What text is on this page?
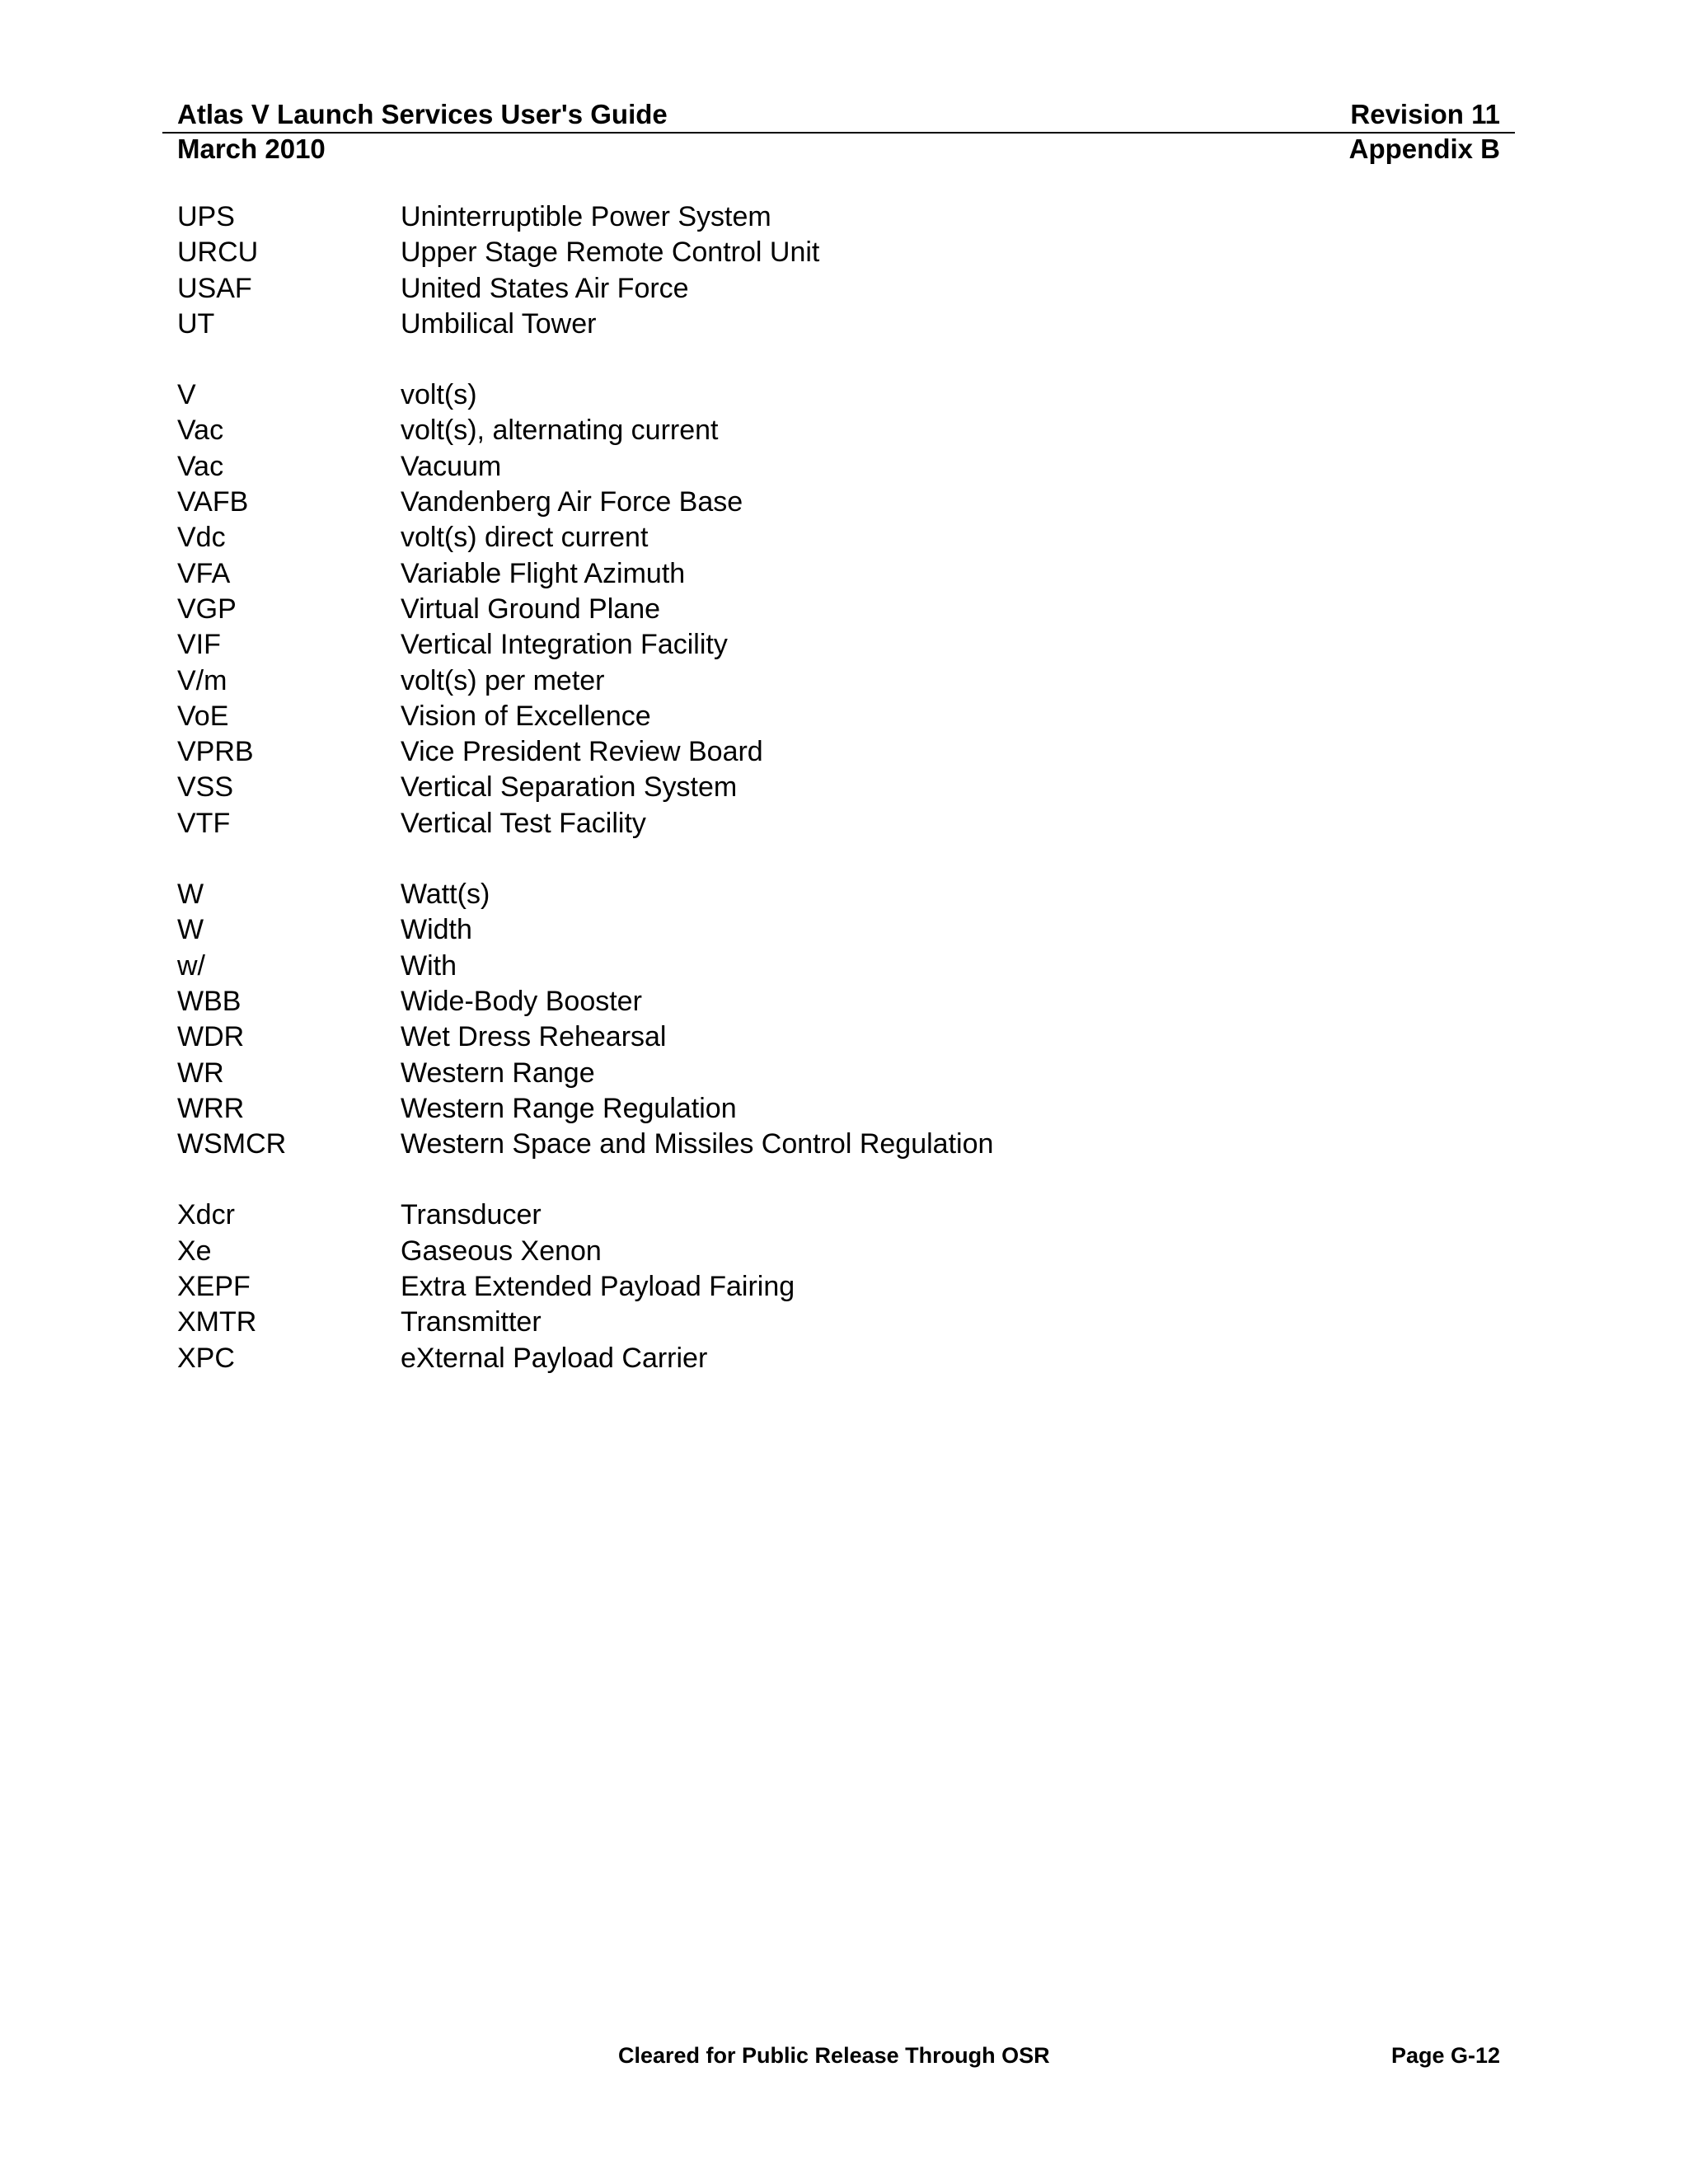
Atlas V Launch Services User's Guide	Revision 11
March 2010	Appendix B
UPS	Uninterruptible Power System
URCU	Upper Stage Remote Control Unit
USAF	United States Air Force
UT	Umbilical Tower
V	volt(s)
Vac	volt(s), alternating current
Vac	Vacuum
VAFB	Vandenberg Air Force Base
Vdc	volt(s) direct current
VFA	Variable Flight Azimuth
VGP	Virtual Ground Plane
VIF	Vertical Integration Facility
V/m	volt(s) per meter
VoE	Vision of Excellence
VPRB	Vice President Review Board
VSS	Vertical Separation System
VTF	Vertical Test Facility
W	Watt(s)
W	Width
w/	With
WBB	Wide-Body Booster
WDR	Wet Dress Rehearsal
WR	Western Range
WRR	Western Range Regulation
WSMCR	Western Space and Missiles Control Regulation
Xdcr	Transducer
Xe	Gaseous Xenon
XEPF	Extra Extended Payload Fairing
XMTR	Transmitter
XPC	eXternal Payload Carrier
Cleared for Public Release Through OSR	Page G-12
